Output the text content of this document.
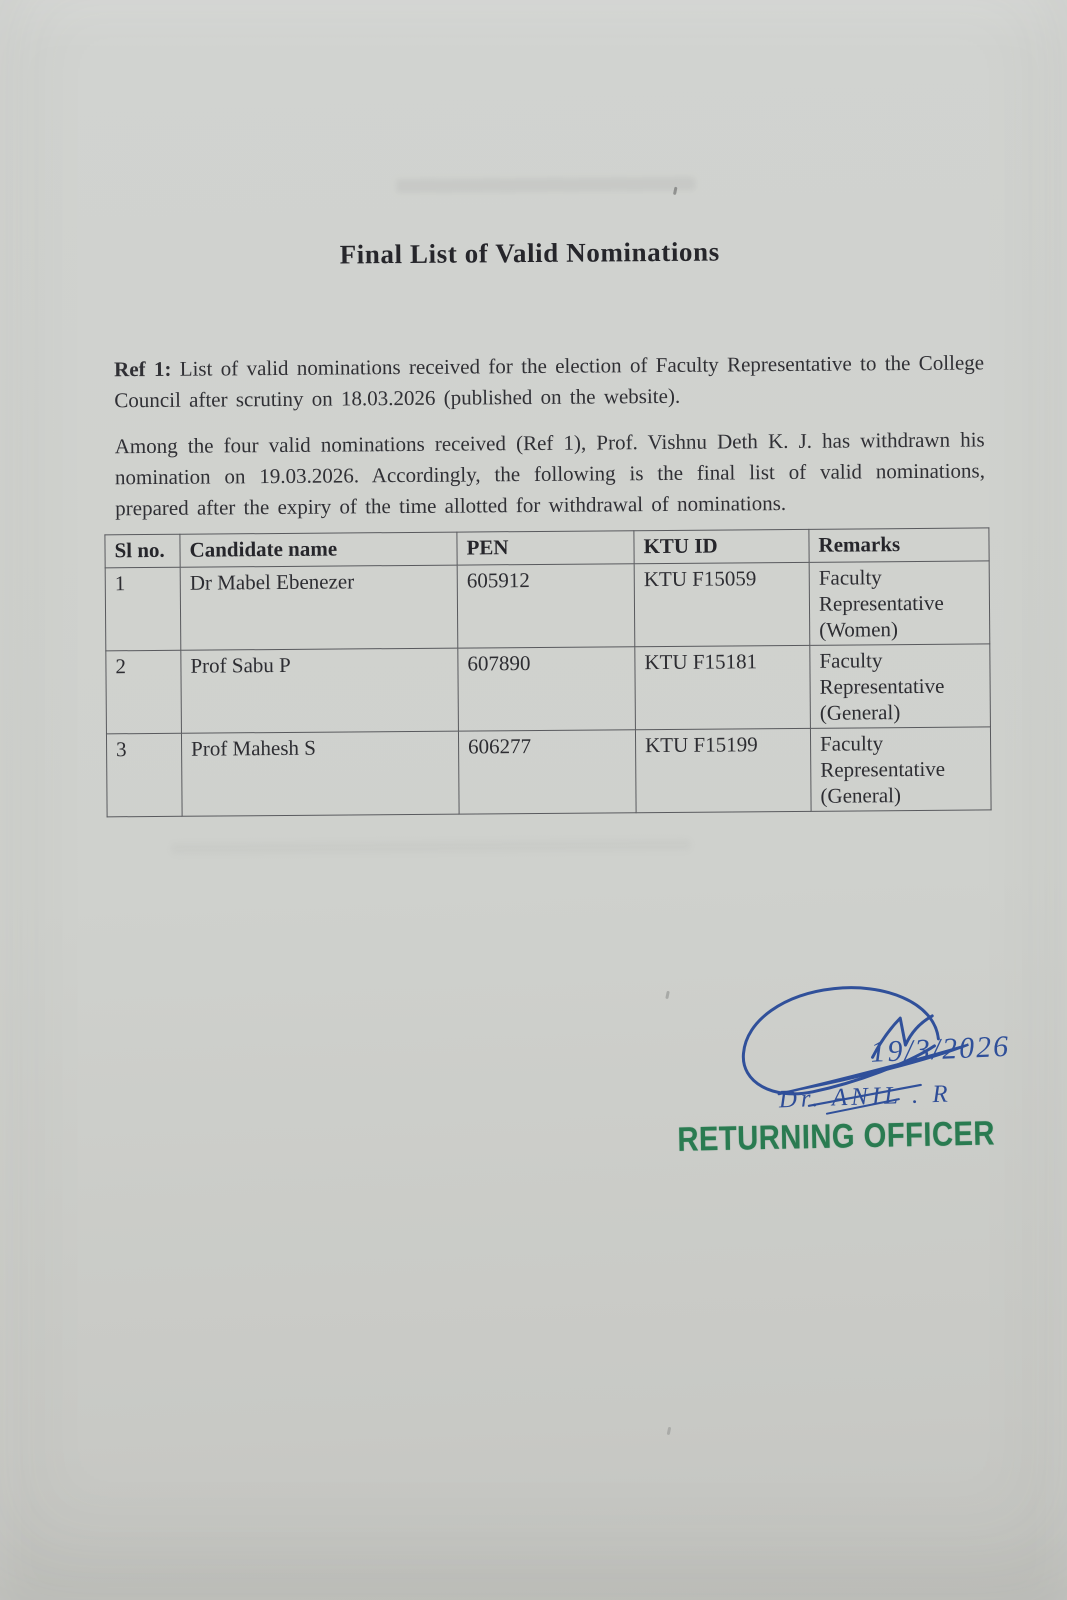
Final List of Valid Nominations
Ref 1: List of valid nominations received for the election of Faculty Representative to the College Council after scrutiny on 18.03.2026 (published on the website).
Among the four valid nominations received (Ref 1), Prof. Vishnu Deth K. J. has withdrawn his nomination on 19.03.2026. Accordingly, the following is the final list of valid nominations, prepared after the expiry of the time allotted for withdrawal of nominations.
Sl no.	Candidate name	PEN	KTU ID	Remarks
1	Dr Mabel Ebenezer	605912	KTU F15059	Faculty Representative (Women)
2	Prof Sabu P	607890	KTU F15181	Faculty Representative (General)
3	Prof Mahesh S	606277	KTU F15199	Faculty Representative (General)
19/3/2026
Dr. ANIL . R
RETURNING OFFICER
